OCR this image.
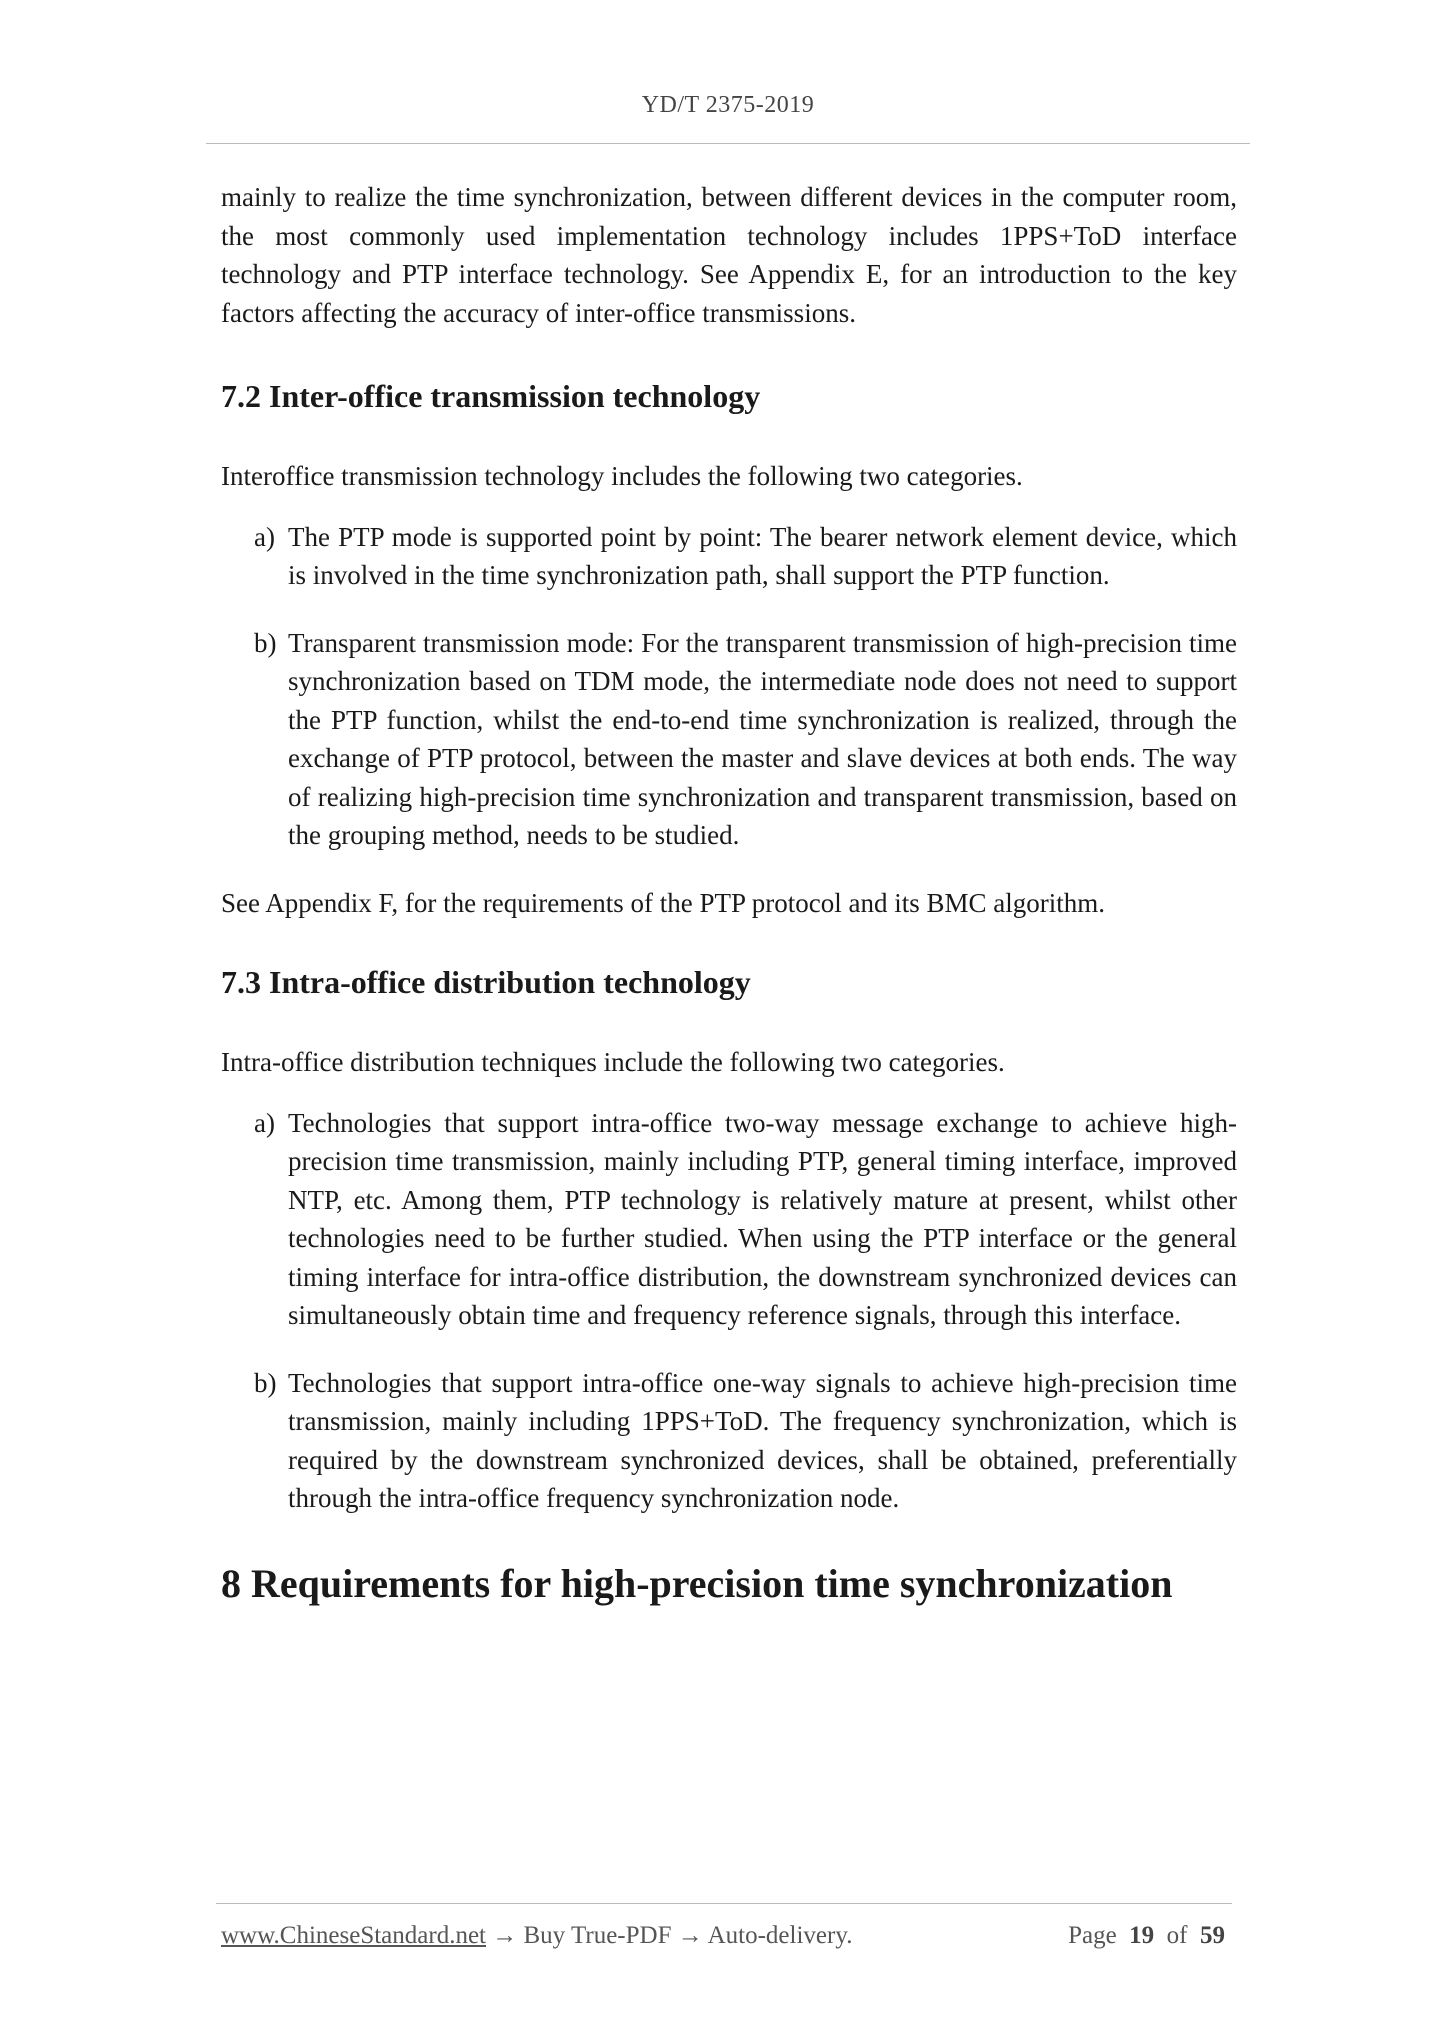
YD/T 2375-2019

mainly to realize the time synchronization, between different devices in the computer room, the most commonly used implementation technology includes 1PPS+ToD interface technology and PTP interface technology. See Appendix E, for an introduction to the key factors affecting the accuracy of inter-office transmissions.

7.2 Inter-office transmission technology

Interoffice transmission technology includes the following two categories.

a) The PTP mode is supported point by point: The bearer network element device, which is involved in the time synchronization path, shall support the PTP function.
b) Transparent transmission mode: For the transparent transmission of high-precision time synchronization based on TDM mode, the intermediate node does not need to support the PTP function, whilst the end-to-end time synchronization is realized, through the exchange of PTP protocol, between the master and slave devices at both ends. The way of realizing high-precision time synchronization and transparent transmission, based on the grouping method, needs to be studied.

See Appendix F, for the requirements of the PTP protocol and its BMC algorithm.

7.3 Intra-office distribution technology

Intra-office distribution techniques include the following two categories.

a) Technologies that support intra-office two-way message exchange to achieve high-precision time transmission, mainly including PTP, general timing interface, improved NTP, etc. Among them, PTP technology is relatively mature at present, whilst other technologies need to be further studied. When using the PTP interface or the general timing interface for intra-office distribution, the downstream synchronized devices can simultaneously obtain time and frequency reference signals, through this interface.
b) Technologies that support intra-office one-way signals to achieve high-precision time transmission, mainly including 1PPS+ToD. The frequency synchronization, which is required by the downstream synchronized devices, shall be obtained, preferentially through the intra-office frequency synchronization node.
8 Requirements for high-precision time synchronization
www.ChineseStandard.net → Buy True-PDF → Auto-delivery.	Page 19 of 59
